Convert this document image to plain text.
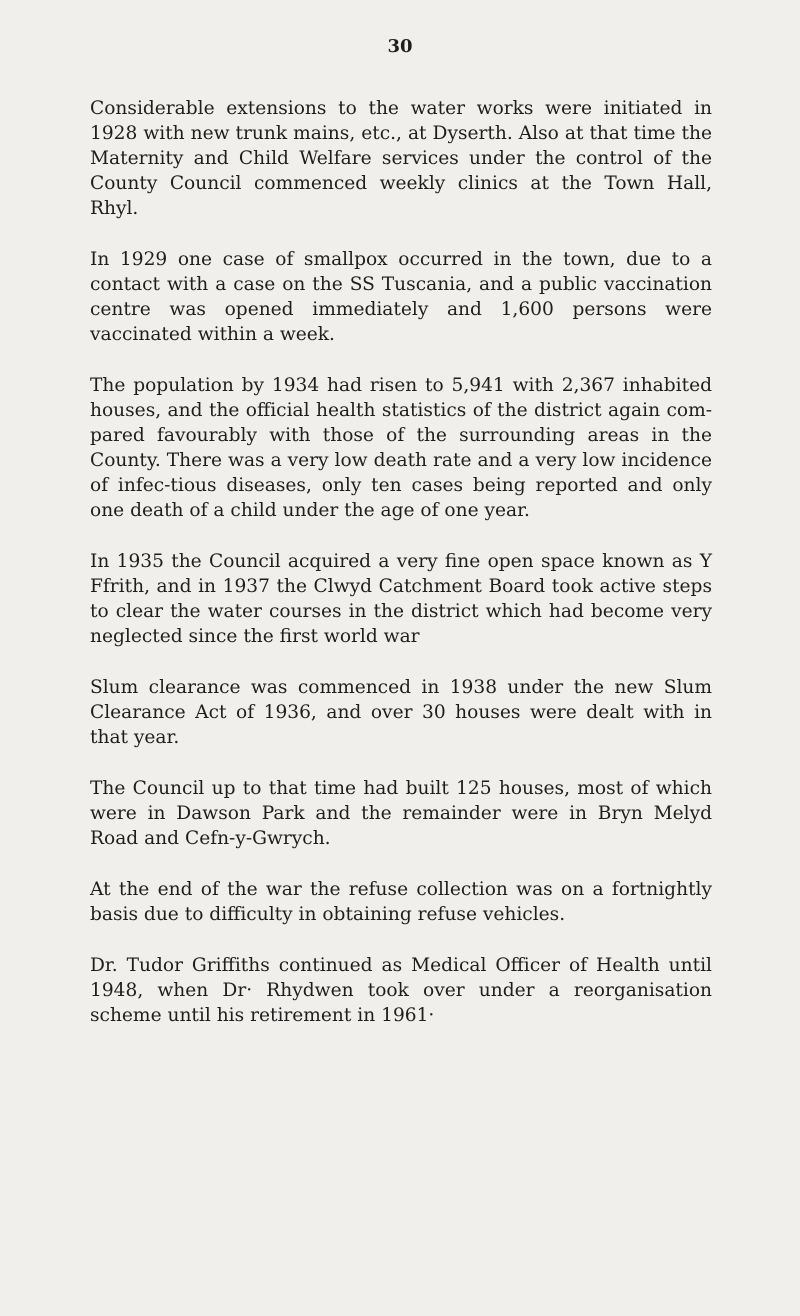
30

Considerable extensions to the water works were initiated in 1928 with new trunk mains, etc., at Dyserth. Also at that time the Maternity and Child Welfare services under the control of the County Council commenced weekly clinics at the Town Hall, Rhyl.

In 1929 one case of smallpox occurred in the town, due to a contact with a case on the SS Tuscania, and a public vaccination centre was opened immediately and 1,600 persons were vaccinated within a week.

The population by 1934 had risen to 5,941 with 2,367 inhabited houses, and the official health statistics of the district again com-pared favourably with those of the surrounding areas in the County. There was a very low death rate and a very low incidence of infec-tious diseases, only ten cases being reported and only one death of a child under the age of one year.

In 1935 the Council acquired a very fine open space known as Y Ffrith, and in 1937 the Clwyd Catchment Board took active steps to clear the water courses in the district which had become very neglected since the first world war

Slum clearance was commenced in 1938 under the new Slum Clearance Act of 1936, and over 30 houses were dealt with in that year.

The Council up to that time had built 125 houses, most of which were in Dawson Park and the remainder were in Bryn Melyd Road and Cefn-y-Gwrych.

At the end of the war the refuse collection was on a fortnightly basis due to difficulty in obtaining refuse vehicles.

Dr. Tudor Griffiths continued as Medical Officer of Health until 1948, when Dr· Rhydwen took over under a reorganisation scheme until his retirement in 1961·
